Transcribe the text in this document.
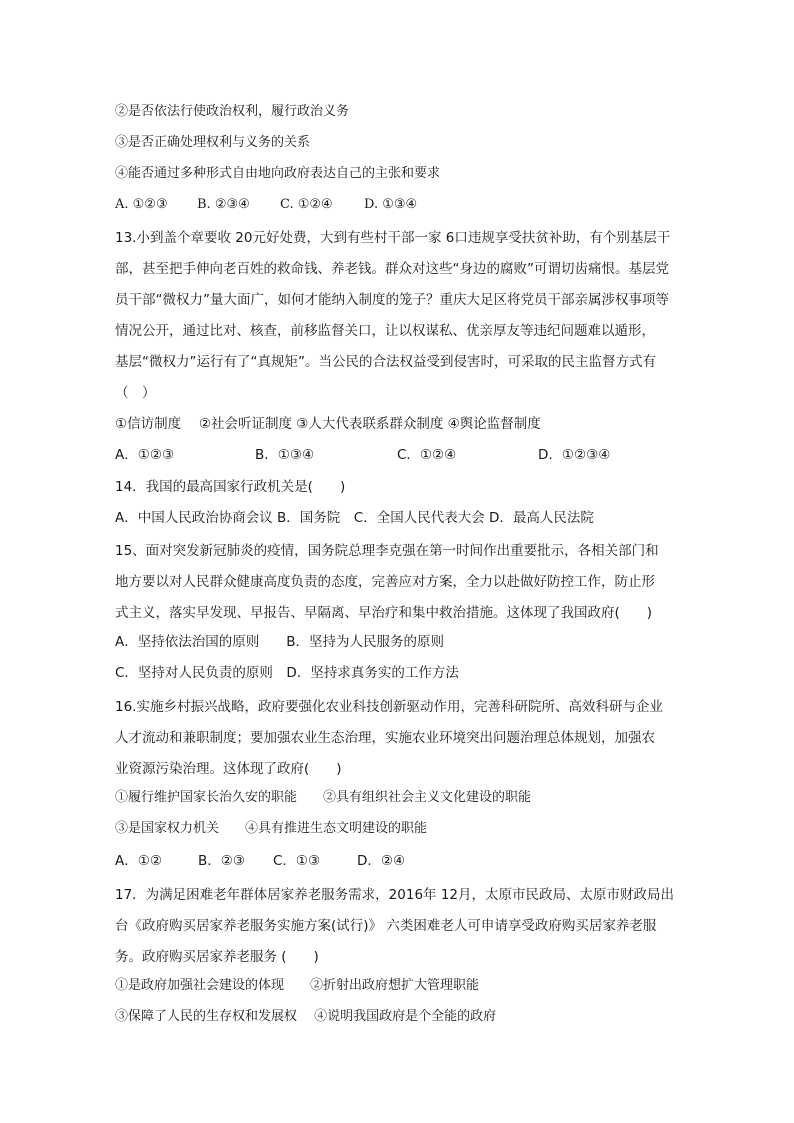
②是否依法行使政治权利，履行政治义务
③是否正确处理权利与义务的关系
④能否通过多种形式自由地向政府表达自己的主张和要求
A. ①②③ B. ②③④ C. ①②④ D. ①③④
13.小到盖个章要收 20元好处费，大到有些村干部一家 6口违规享受扶贫补助，有个别基层干
部，甚至把手伸向老百姓的救命钱、养老钱。群众对这些“身边的腐败”可谓切齿痛恨。基层党
员干部“微权力”量大面广，如何才能纳入制度的笼子？重庆大足区将党员干部亲属涉权事项等
情况公开，通过比对、核查，前移监督关口，让以权谋私、优亲厚友等违纪问题难以遁形，
基层“微权力”运行有了“真规矩”。当公民的合法权益受到侵害时，可采取的民主监督方式有
（　）
①信访制度　 ②社会听证制度 ③人大代表联系群众制度 ④舆论监督制度
A．①②③	B．①③④	C．①②④	D．①②③④
14．我国的最高国家行政机关是(　　)
A．中国人民政治协商会议 B．国务院　C．全国人民代表大会 D．最高人民法院
15、面对突发新冠肺炎的疫情，国务院总理李克强在第一时间作出重要批示，各相关部门和
地方要以对人民群众健康高度负责的态度，完善应对方案，全力以赴做好防控工作，防止形
式主义，落实早发现、早报告、早隔离、早治疗和集中救治措施。这体现了我国政府(　　)
A．坚持依法治国的原则　　B．坚持为人民服务的原则
C．坚持对人民负责的原则　D．坚持求真务实的工作方法
16.实施乡村振兴战略，政府要强化农业科技创新驱动作用，完善科研院所、高效科研与企业
人才流动和兼职制度；要加强农业生态治理，实施农业环境突出问题治理总体规划，加强农
业资源污染治理。这体现了政府(　　)
①履行维护国家长治久安的职能　　②具有组织社会主义文化建设的职能
③是国家权力机关　　④具有推进生态文明建设的职能
A．①②	B．②③ C．①③	D．②④
17．为满足困难老年群体居家养老服务需求，2016年 12月，太原市民政局、太原市财政局出
台《政府购买居家养老服务实施方案(试行)》 六类困难老人可申请享受政府购买居家养老服
务。政府购买居家养老服务 (　　)
①是政府加强社会建设的体现　　②折射出政府想扩大管理职能
③保障了人民的生存权和发展权　 ④说明我国政府是个全能的政府
